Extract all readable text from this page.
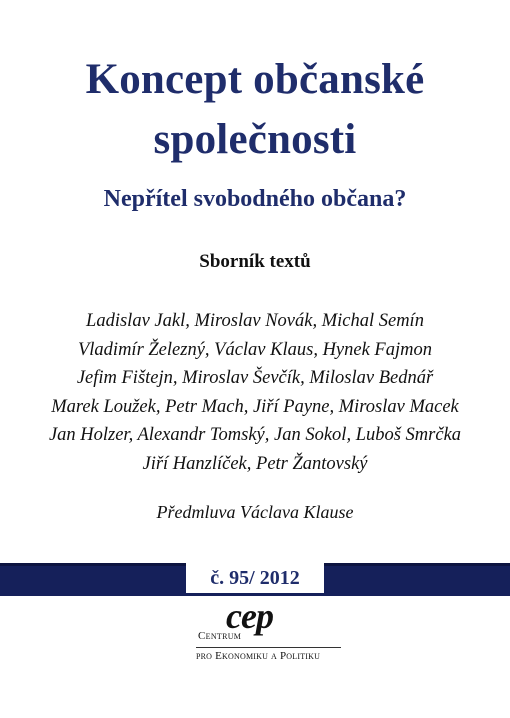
Koncept občanské
společnosti
Nepřítel svobodného občana?
Sborník textů
Ladislav Jakl, Miroslav Novák, Michal Semín
Vladimír Železný, Václav Klaus, Hynek Fajmon
Jefim Fištejn, Miroslav Ševčík, Miloslav Bednář
Marek Loužek, Petr Mach, Jiří Payne, Miroslav Macek
Jan Holzer, Alexandr Tomský, Jan Sokol, Luboš Smrčka
Jiří Hanzlíček, Petr Žantovský
Předmluva Václava Klause
č. 95/ 2012
cep
Centrum
pro Ekonomiku a Politiku
